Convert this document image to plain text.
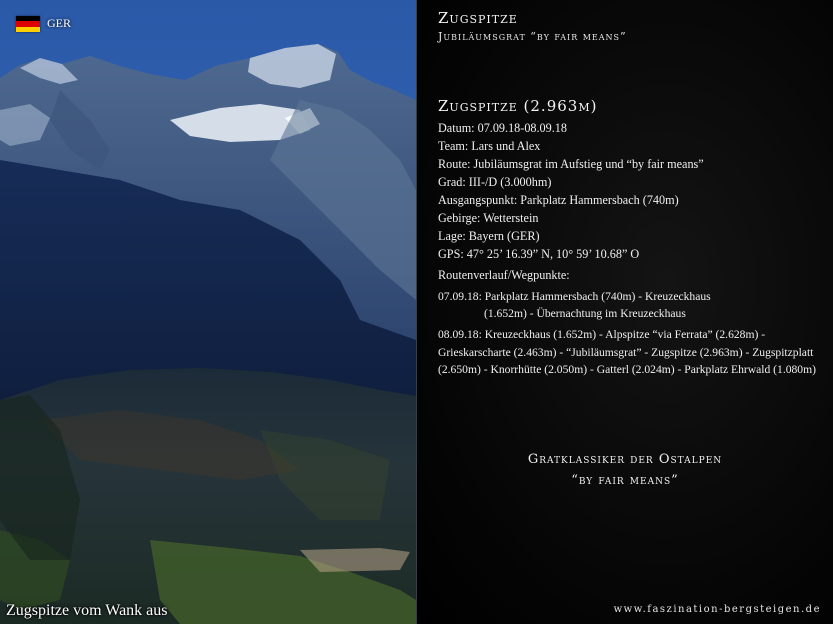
GER
Zugspitze vom Wank aus
Zugspitze
Jubiläumsgrat “by fair means”
Zugspitze (2.963m)
Datum: 07.09.18-08.09.18
Team: Lars und Alex
Route: Jubiläumsgrat im Aufstieg und “by fair means”
Grad: III-/D (3.000hm)
Ausgangspunkt: Parkplatz Hammersbach (740m)
Gebirge: Wetterstein
Lage: Bayern (GER)
GPS: 47° 25’ 16.39” N, 10° 59’ 10.68” O
Routenverlauf/Wegpunkte:
07.09.18: Parkplatz Hammersbach (740m) - Kreuzeckhaus
(1.652m) - Übernachtung im Kreuzeckhaus
08.09.18: Kreuzeckhaus (1.652m) - Alpspitze “via Ferrata” (2.628m) - Grieskarscharte (2.463m) - “Jubiläumsgrat” - Zugspitze (2.963m) - Zugspitzplatt (2.650m) - Knorrhütte (2.050m) - Gatterl (2.024m) - Parkplatz Ehrwald (1.080m)
Gratklassiker der Ostalpen
“by fair means”
www.faszination-bergsteigen.de
